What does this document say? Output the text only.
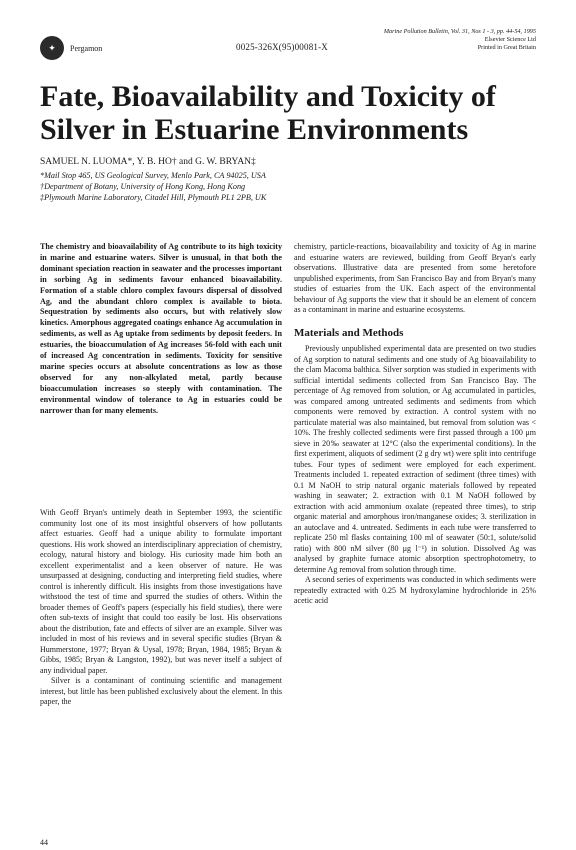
✦	Pergamon	0025-326X(95)00081-X
Marine Pollution Bulletin, Vol. 31, Nos 1 - 3, pp. 44-54, 1995
Elsevier Science Ltd
Printed in Great Britain
Fate, Bioavailability and Toxicity of Silver in Estuarine Environments
SAMUEL N. LUOMA*, Y. B. HO† and G. W. BRYAN‡
*Mail Stop 465, US Geological Survey, Menlo Park, CA 94025, USA
†Department of Botany, University of Hong Kong, Hong Kong
‡Plymouth Marine Laboratory, Citadel Hill, Plymouth PL1 2PB, UK

The chemistry and bioavailability of Ag contribute to its high toxicity in marine and estuarine waters. Silver is unusual, in that both the dominant speciation reaction in seawater and the processes important in sorbing Ag in sediments favour enhanced bioavailability. Formation of a stable chloro complex favours dispersal of dissolved Ag, and the abundant chloro complex is available to biota. Sequestration by sediments also occurs, but with relatively slow kinetics. Amorphous aggregated coatings enhance Ag accumulation in sediments, as well as Ag uptake from sediments by deposit feeders. In estuaries, the bioaccumulation of Ag increases 56-fold with each unit of increased Ag concentration in sediments. Toxicity for sensitive marine species occurs at absolute concentrations as low as those observed for any non-alkylated metal, partly because bioaccumulation increases so steeply with contamination. The environmental window of tolerance to Ag in estuaries could be narrower than for many elements.

With Geoff Bryan's untimely death in September 1993, the scientific community lost one of its most insightful observers of how pollutants affect estuaries. Geoff had a unique ability to formulate important questions. His work showed an interdisciplinary appreciation of chemistry, ecology, natural history and biology. His curiosity made him both an excellent experimentalist and a keen observer of nature. He was unsurpassed at designing, conducting and interpreting field studies, where control is inherently difficult. His insights from those investigations have withstood the test of time and spurred the studies of others. Within the broader themes of Geoff's papers (especially his field studies), there were often sub-texts of insight that could too easily be lost. His observations about the distribution, fate and effects of silver are an example. Silver was included in most of his reviews and in several specific studies (Bryan & Hummerstone, 1977; Bryan & Uysal, 1978; Bryan, 1984, 1985; Bryan & Gibbs, 1985; Bryan & Langston, 1992), but was never itself a subject of any individual paper.

Silver is a contaminant of continuing scientific and management interest, but little has been published exclusively about the element. In this paper, the

chemistry, particle-reactions, bioavailability and toxicity of Ag in marine and estuarine waters are reviewed, building from Geoff Bryan's early observations. Illustrative data are presented from some heretofore unpublished experiments, from San Francisco Bay and from Bryan's many studies of estuaries from the UK. Each aspect of the environmental behaviour of Ag supports the view that it should be an element of concern as a contaminant in marine and estuarine ecosystems.

Materials and Methods

Previously unpublished experimental data are presented on two studies of Ag sorption to natural sediments and one study of Ag bioavailability to the clam Macoma balthica. Silver sorption was studied in experiments with sufficial intertidal sediments collected from San Francisco Bay. The percentage of Ag removed from solution, or Ag accumulated in particles, was compared among untreated sediments and sediments from which components were removed by extraction. A control system with no particulate material was also maintained, but removal from solution was < 10%. The freshly collected sediments were first passed through a 100 μm sieve in 20‰ seawater at 12°C (also the experimental conditions). In the first experiment, aliquots of sediment (2 g dry wt) were split into centrifuge tubes. Four types of sediment were employed for each experiment. Treatments included 1. repeated extraction of sediment (three times) with 0.1 M NaOH to strip natural organic materials followed by repeated washing in seawater; 2. extraction with 0.1 M NaOH followed by extraction with acid ammonium oxalate (repeated three times), to strip organic material and amorphous iron/manganese oxides; 3. sterilization in an autoclave and 4. untreated. Sediments in each tube were transferred to replicate 250 ml flasks containing 100 ml of seawater (50:1, solute/solid ratio) with 800 nM silver (80 μg l⁻¹) in solution. Dissolved Ag was analysed by graphite furnace atomic absorption spectrophotometry, to determine Ag removal from solution through time.

A second series of experiments was conducted in which sediments were repeatedly extracted with 0.25 M hydroxylamine hydrochloride in 25% acetic acid

44
